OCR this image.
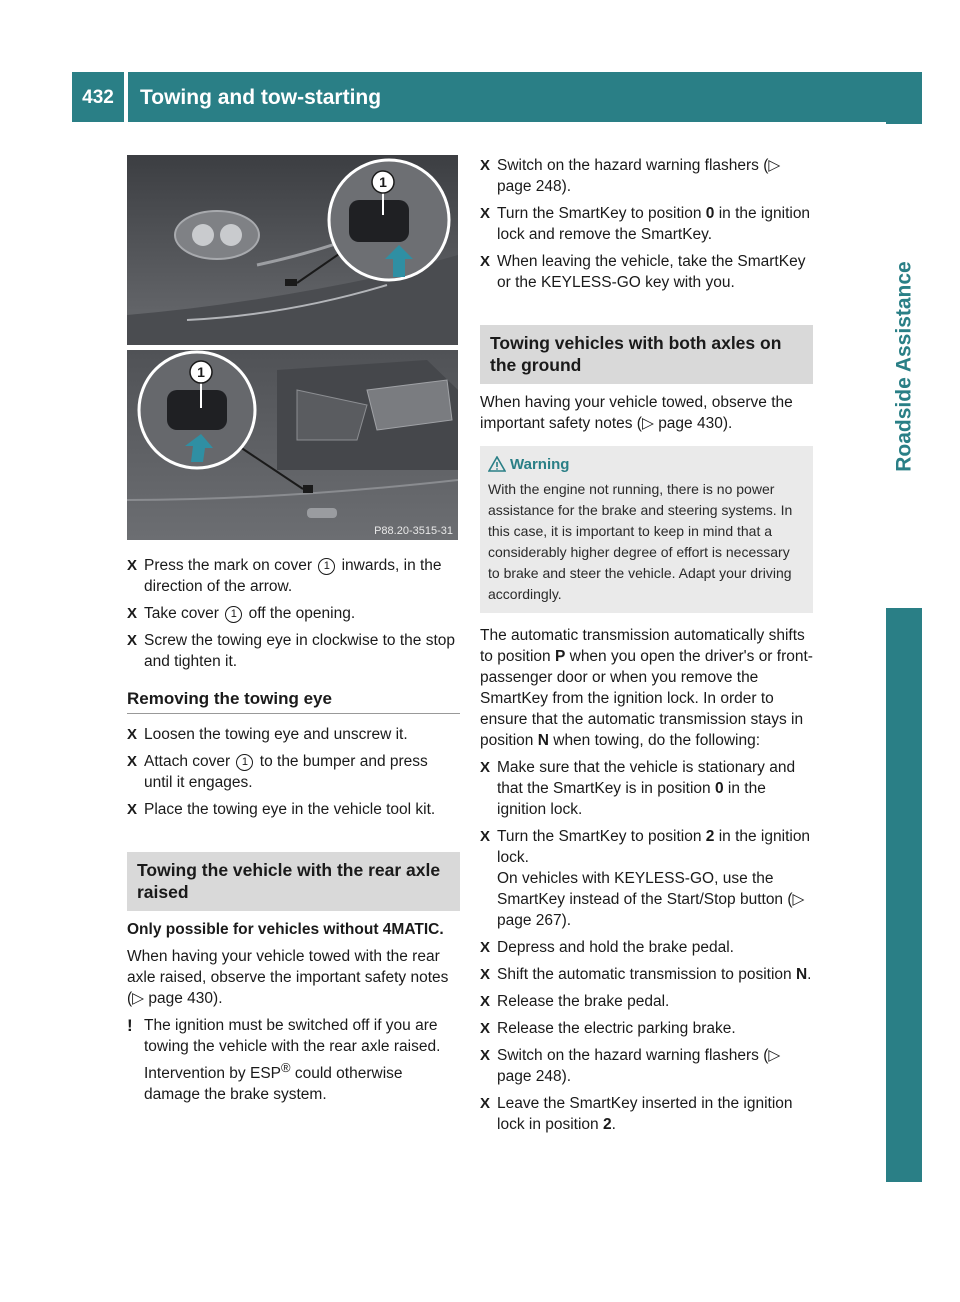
432	Towing and tow-starting
Roadside Assistance
1
1
P88.20-3515-31
X Press the mark on cover 1 inwards, in the direction of the arrow.
X Take cover 1 off the opening.
X Screw the towing eye in clockwise to the stop and tighten it.
Removing the towing eye
X Loosen the towing eye and unscrew it.
X Attach cover 1 to the bumper and press until it engages.
X Place the towing eye in the vehicle tool kit.
Towing the vehicle with the rear axle raised
Only possible for vehicles without 4MATIC.
When having your vehicle towed with the rear axle raised, observe the important safety notes (▷ page 430).
! The ignition must be switched off if you are towing the vehicle with the rear axle raised. Intervention by ESP® could otherwise damage the brake system.
X Switch on the hazard warning flashers (▷ page 248).
X Turn the SmartKey to position 0 in the ignition lock and remove the SmartKey.
X When leaving the vehicle, take the SmartKey or the KEYLESS-GO key with you.
Towing vehicles with both axles on the ground
When having your vehicle towed, observe the important safety notes (▷ page 430).
Warning
With the engine not running, there is no power assistance for the brake and steering systems. In this case, it is important to keep in mind that a considerably higher degree of effort is necessary to brake and steer the vehicle. Adapt your driving accordingly.
The automatic transmission automatically shifts to position P when you open the driver's or front-passenger door or when you remove the SmartKey from the ignition lock. In order to ensure that the automatic transmission stays in position N when towing, do the following:
X Make sure that the vehicle is stationary and that the SmartKey is in position 0 in the ignition lock.
X Turn the SmartKey to position 2 in the ignition lock.
On vehicles with KEYLESS-GO, use the SmartKey instead of the Start/Stop button (▷ page 267).
X Depress and hold the brake pedal.
X Shift the automatic transmission to position N.
X Release the brake pedal.
X Release the electric parking brake.
X Switch on the hazard warning flashers (▷ page 248).
X Leave the SmartKey inserted in the ignition lock in position 2.
